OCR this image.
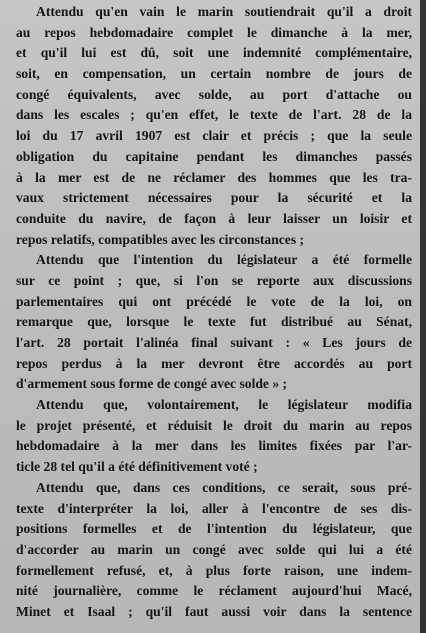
Attendu qu'en vain le marin soutiendrait qu'il a droit
au repos hebdomadaire complet le dimanche à la mer,
et qu'il lui est dû, soit une indemnité complémentaire,
soit, en compensation, un certain nombre de jours de
congé équivalents, avec solde, au port d'attache ou
dans les escales ; qu'en effet, le texte de l'art. 28 de la
loi du 17 avril 1907 est clair et précis ; que la seule
obligation du capitaine pendant les dimanches passés
à la mer est de ne réclamer des hommes que les tra-
vaux strictement nécessaires pour la sécurité et la
conduite du navire, de façon à leur laisser un loisir et
repos relatifs, compatibles avec les circonstances ;
Attendu que l'intention du législateur a été formelle
sur ce point ; que, si l'on se reporte aux discussions
parlementaires qui ont précédé le vote de la loi, on
remarque que, lorsque le texte fut distribué au Sénat,
l'art. 28 portait l'alinéa final suivant : « Les jours de
repos perdus à la mer devront être accordés au port
d'armement sous forme de congé avec solde » ;
Attendu que, volontairement, le législateur modifia
le projet présenté, et réduisit le droit du marin au repos
hebdomadaire à la mer dans les limites fixées par l'ar-
ticle 28 tel qu'il a été définitivement voté ;
Attendu que, dans ces conditions, ce serait, sous pré-
texte d'interpréter la loi, aller à l'encontre de ses dis-
positions formelles et de l'intention du législateur, que
d'accorder au marin un congé avec solde qui lui a été
formellement refusé, et, à plus forte raison, une indem-
nité journalière, comme le réclament aujourd'hui Macé,
Minet et Isaal ; qu'il faut aussi voir dans la sentence
